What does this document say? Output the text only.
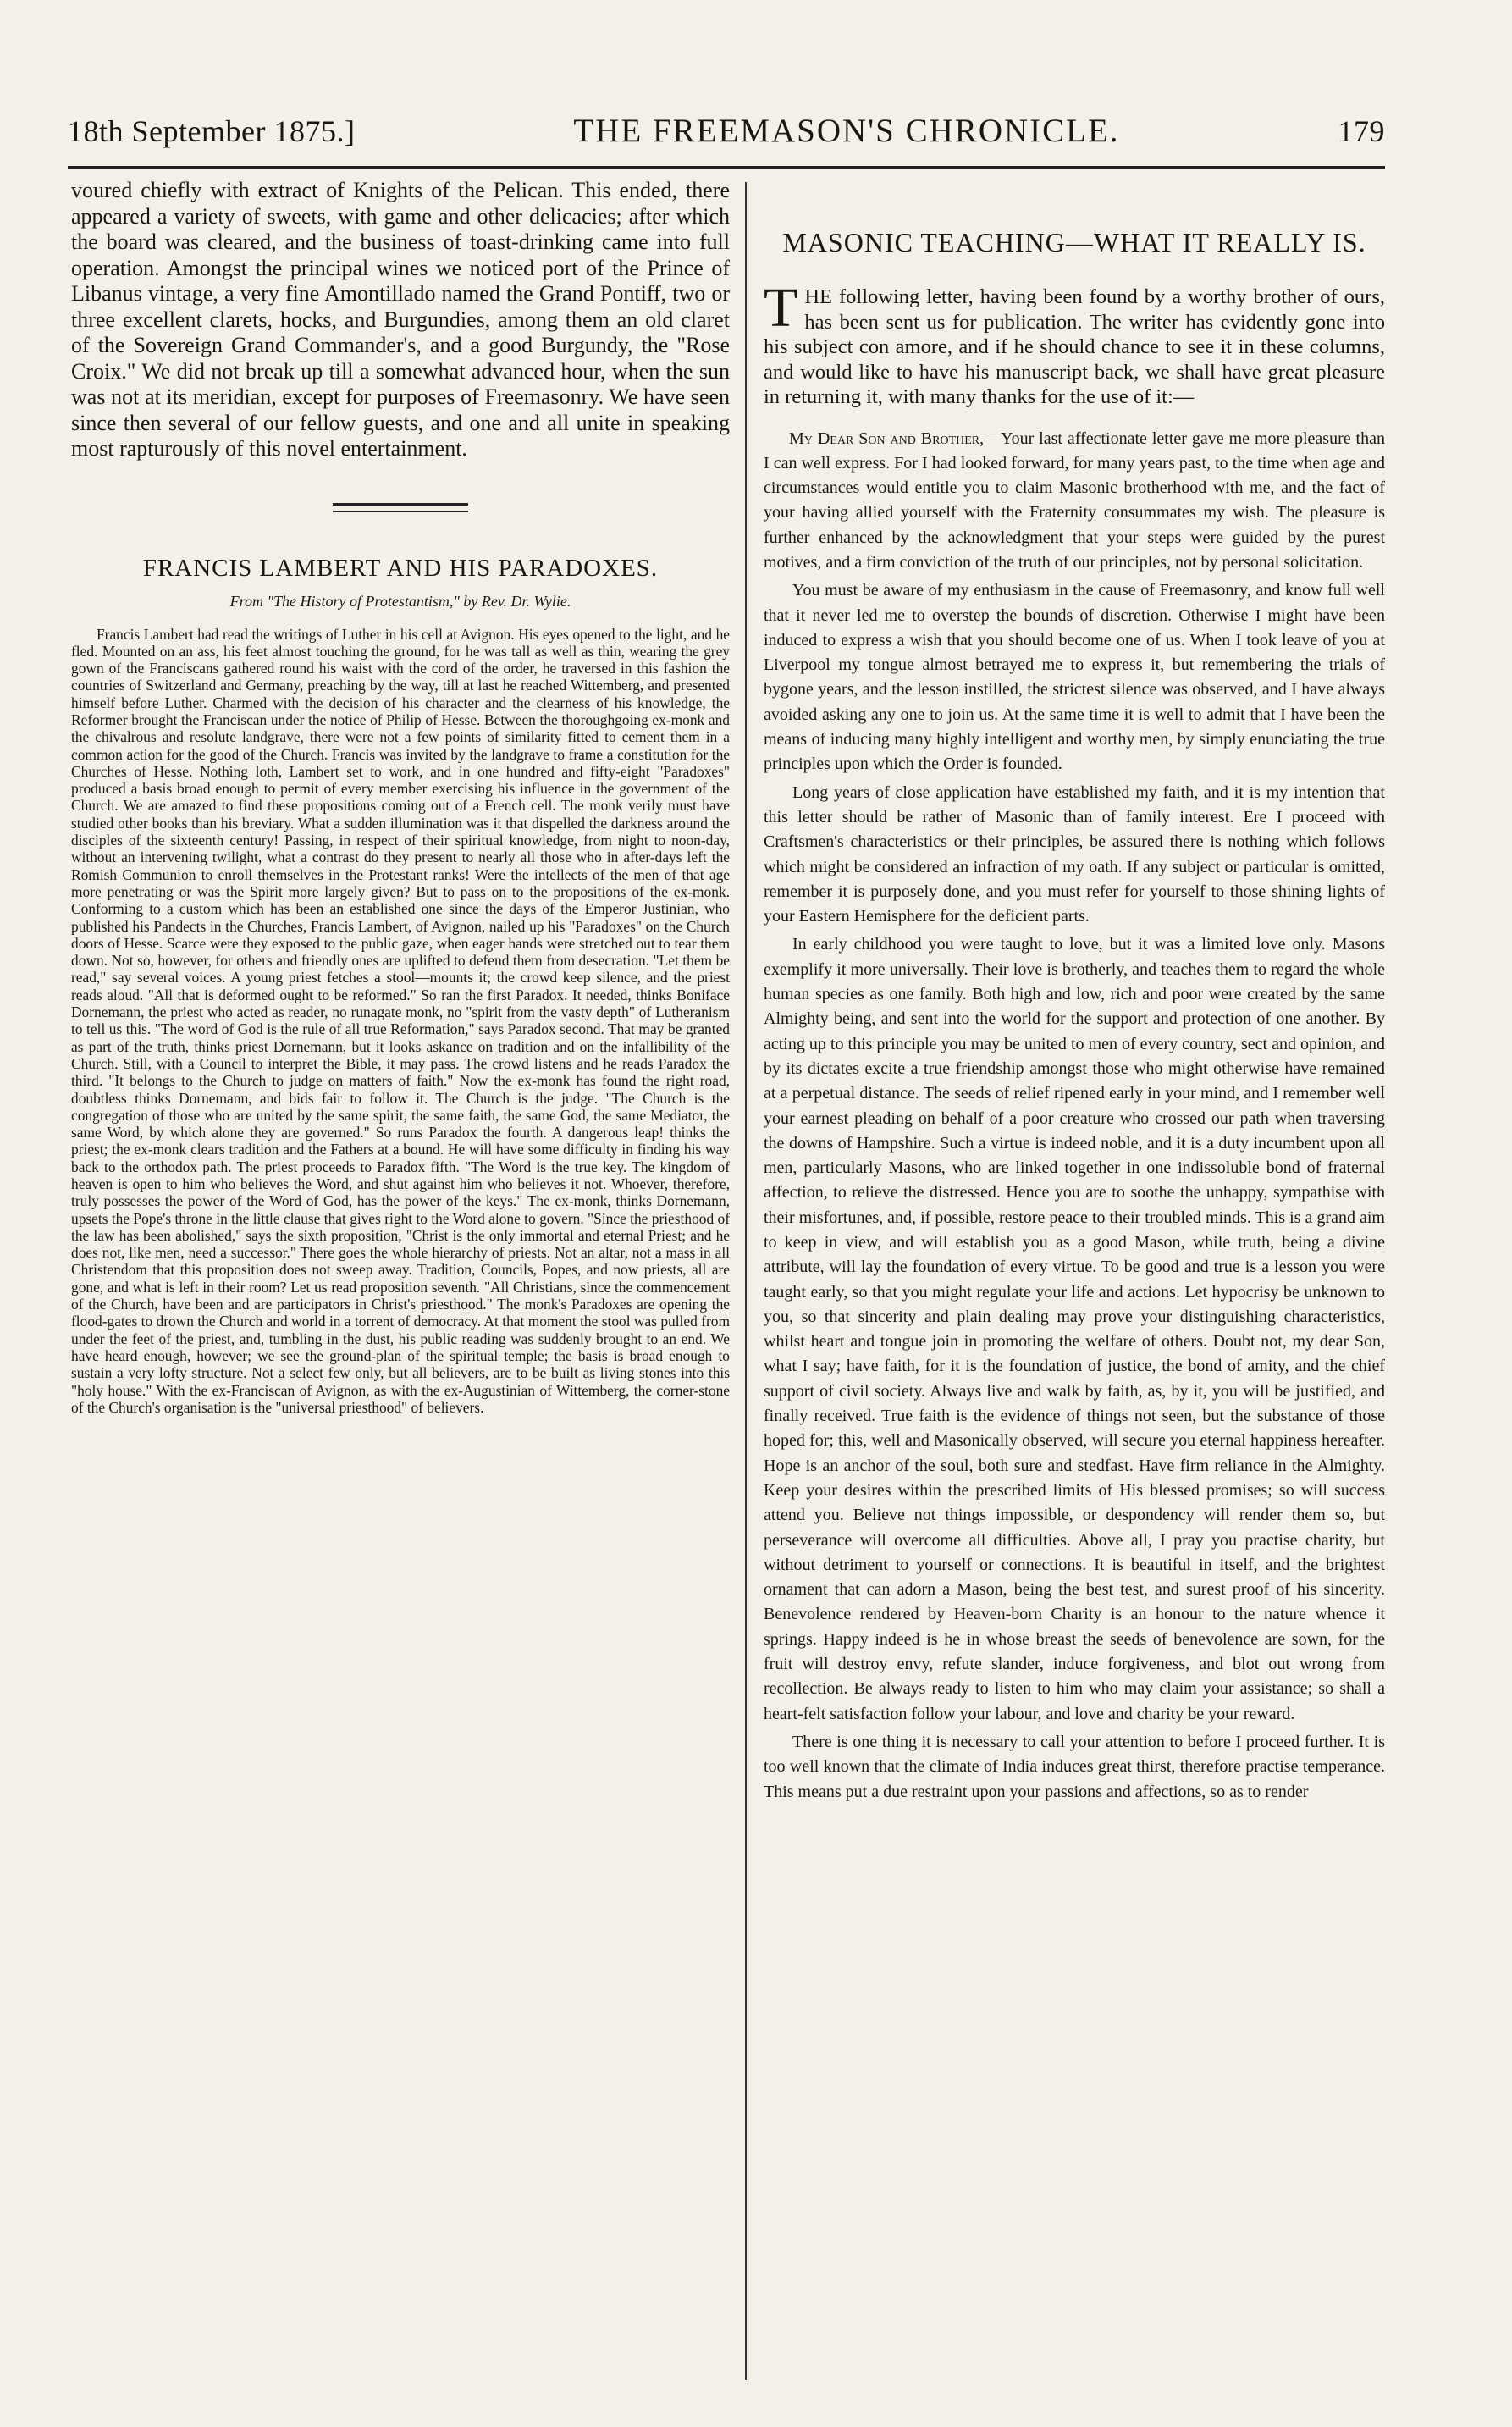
18th September 1875.]	THE FREEMASON'S CHRONICLE.	179

voured chiefly with extract of Knights of the Pelican. This ended, there appeared a variety of sweets, with game and other delicacies; after which the board was cleared, and the business of toast-drinking came into full operation. Amongst the principal wines we noticed port of the Prince of Libanus vintage, a very fine Amontillado named the Grand Pontiff, two or three excellent clarets, hocks, and Burgundies, among them an old claret of the Sovereign Grand Commander's, and a good Burgundy, the "Rose Croix." We did not break up till a somewhat advanced hour, when the sun was not at its meridian, except for purposes of Freemasonry. We have seen since then several of our fellow guests, and one and all unite in speaking most rapturously of this novel entertainment.

FRANCIS LAMBERT AND HIS PARADOXES.

From "The History of Protestantism," by Rev. Dr. Wylie.

Francis Lambert had read the writings of Luther in his cell at Avignon. His eyes opened to the light, and he fled. Mounted on an ass, his feet almost touching the ground, for he was tall as well as thin, wearing the grey gown of the Franciscans gathered round his waist with the cord of the order, he traversed in this fashion the countries of Switzerland and Germany, preaching by the way, till at last he reached Wittemberg, and presented himself before Luther. Charmed with the decision of his character and the clearness of his knowledge, the Reformer brought the Franciscan under the notice of Philip of Hesse. Between the thoroughgoing ex-monk and the chivalrous and resolute landgrave, there were not a few points of similarity fitted to cement them in a common action for the good of the Church. Francis was invited by the landgrave to frame a constitution for the Churches of Hesse. Nothing loth, Lambert set to work, and in one hundred and fifty-eight "Paradoxes" produced a basis broad enough to permit of every member exercising his influence in the government of the Church. We are amazed to find these propositions coming out of a French cell. The monk verily must have studied other books than his breviary. What a sudden illumination was it that dispelled the darkness around the disciples of the sixteenth century! Passing, in respect of their spiritual knowledge, from night to noon-day, without an intervening twilight, what a contrast do they present to nearly all those who in after-days left the Romish Communion to enroll themselves in the Protestant ranks! Were the intellects of the men of that age more penetrating or was the Spirit more largely given? But to pass on to the propositions of the ex-monk. Conforming to a custom which has been an established one since the days of the Emperor Justinian, who published his Pandects in the Churches, Francis Lambert, of Avignon, nailed up his "Paradoxes" on the Church doors of Hesse. Scarce were they exposed to the public gaze, when eager hands were stretched out to tear them down. Not so, however, for others and friendly ones are uplifted to defend them from desecration. "Let them be read," say several voices. A young priest fetches a stool—mounts it; the crowd keep silence, and the priest reads aloud. "All that is deformed ought to be reformed." So ran the first Paradox. It needed, thinks Boniface Dornemann, the priest who acted as reader, no runagate monk, no "spirit from the vasty depth" of Lutheranism to tell us this. "The word of God is the rule of all true Reformation," says Paradox second. That may be granted as part of the truth, thinks priest Dornemann, but it looks askance on tradition and on the infallibility of the Church. Still, with a Council to interpret the Bible, it may pass. The crowd listens and he reads Paradox the third. "It belongs to the Church to judge on matters of faith." Now the ex-monk has found the right road, doubtless thinks Dornemann, and bids fair to follow it. The Church is the judge. "The Church is the congregation of those who are united by the same spirit, the same faith, the same God, the same Mediator, the same Word, by which alone they are governed." So runs Paradox the fourth. A dangerous leap! thinks the priest; the ex-monk clears tradition and the Fathers at a bound. He will have some difficulty in finding his way back to the orthodox path. The priest proceeds to Paradox fifth. "The Word is the true key. The kingdom of heaven is open to him who believes the Word, and shut against him who believes it not. Whoever, therefore, truly possesses the power of the Word of God, has the power of the keys." The ex-monk, thinks Dornemann, upsets the Pope's throne in the little clause that gives right to the Word alone to govern. "Since the priesthood of the law has been abolished," says the sixth proposition, "Christ is the only immortal and eternal Priest; and he does not, like men, need a successor." There goes the whole hierarchy of priests. Not an altar, not a mass in all Christendom that this proposition does not sweep away. Tradition, Councils, Popes, and now priests, all are gone, and what is left in their room? Let us read proposition seventh. "All Christians, since the commencement of the Church, have been and are participators in Christ's priesthood." The monk's Paradoxes are opening the flood-gates to drown the Church and world in a torrent of democracy. At that moment the stool was pulled from under the feet of the priest, and, tumbling in the dust, his public reading was suddenly brought to an end. We have heard enough, however; we see the ground-plan of the spiritual temple; the basis is broad enough to sustain a very lofty structure. Not a select few only, but all believers, are to be built as living stones into this "holy house." With the ex-Franciscan of Avignon, as with the ex-Augustinian of Wittemberg, the corner-stone of the Church's organisation is the "universal priesthood" of believers.

MASONIC TEACHING—WHAT IT REALLY IS.

THE following letter, having been found by a worthy brother of ours, has been sent us for publication. The writer has evidently gone into his subject con amore, and if he should chance to see it in these columns, and would like to have his manuscript back, we shall have great pleasure in returning it, with many thanks for the use of it:—

My Dear Son and Brother,—Your last affectionate letter gave me more pleasure than I can well express. For I had looked forward, for many years past, to the time when age and circumstances would entitle you to claim Masonic brotherhood with me, and the fact of your having allied yourself with the Fraternity consummates my wish. The pleasure is further enhanced by the acknowledgment that your steps were guided by the purest motives, and a firm conviction of the truth of our principles, not by personal solicitation.

You must be aware of my enthusiasm in the cause of Freemasonry, and know full well that it never led me to overstep the bounds of discretion. Otherwise I might have been induced to express a wish that you should become one of us. When I took leave of you at Liverpool my tongue almost betrayed me to express it, but remembering the trials of bygone years, and the lesson instilled, the strictest silence was observed, and I have always avoided asking any one to join us. At the same time it is well to admit that I have been the means of inducing many highly intelligent and worthy men, by simply enunciating the true principles upon which the Order is founded.

Long years of close application have established my faith, and it is my intention that this letter should be rather of Masonic than of family interest. Ere I proceed with Craftsmen's characteristics or their principles, be assured there is nothing which follows which might be considered an infraction of my oath. If any subject or particular is omitted, remember it is purposely done, and you must refer for yourself to those shining lights of your Eastern Hemisphere for the deficient parts.

In early childhood you were taught to love, but it was a limited love only. Masons exemplify it more universally. Their love is brotherly, and teaches them to regard the whole human species as one family. Both high and low, rich and poor were created by the same Almighty being, and sent into the world for the support and protection of one another. By acting up to this principle you may be united to men of every country, sect and opinion, and by its dictates excite a true friendship amongst those who might otherwise have remained at a perpetual distance. The seeds of relief ripened early in your mind, and I remember well your earnest pleading on behalf of a poor creature who crossed our path when traversing the downs of Hampshire. Such a virtue is indeed noble, and it is a duty incumbent upon all men, particularly Masons, who are linked together in one indissoluble bond of fraternal affection, to relieve the distressed. Hence you are to soothe the unhappy, sympathise with their misfortunes, and, if possible, restore peace to their troubled minds. This is a grand aim to keep in view, and will establish you as a good Mason, while truth, being a divine attribute, will lay the foundation of every virtue. To be good and true is a lesson you were taught early, so that you might regulate your life and actions. Let hypocrisy be unknown to you, so that sincerity and plain dealing may prove your distinguishing characteristics, whilst heart and tongue join in promoting the welfare of others. Doubt not, my dear Son, what I say; have faith, for it is the foundation of justice, the bond of amity, and the chief support of civil society. Always live and walk by faith, as, by it, you will be justified, and finally received. True faith is the evidence of things not seen, but the substance of those hoped for; this, well and Masonically observed, will secure you eternal happiness hereafter. Hope is an anchor of the soul, both sure and stedfast. Have firm reliance in the Almighty. Keep your desires within the prescribed limits of His blessed promises; so will success attend you. Believe not things impossible, or despondency will render them so, but perseverance will overcome all difficulties. Above all, I pray you practise charity, but without detriment to yourself or connections. It is beautiful in itself, and the brightest ornament that can adorn a Mason, being the best test, and surest proof of his sincerity. Benevolence rendered by Heaven-born Charity is an honour to the nature whence it springs. Happy indeed is he in whose breast the seeds of benevolence are sown, for the fruit will destroy envy, refute slander, induce forgiveness, and blot out wrong from recollection. Be always ready to listen to him who may claim your assistance; so shall a heart-felt satisfaction follow your labour, and love and charity be your reward.

There is one thing it is necessary to call your attention to before I proceed further. It is too well known that the climate of India induces great thirst, therefore practise temperance. This means put a due restraint upon your passions and affections, so as to render
